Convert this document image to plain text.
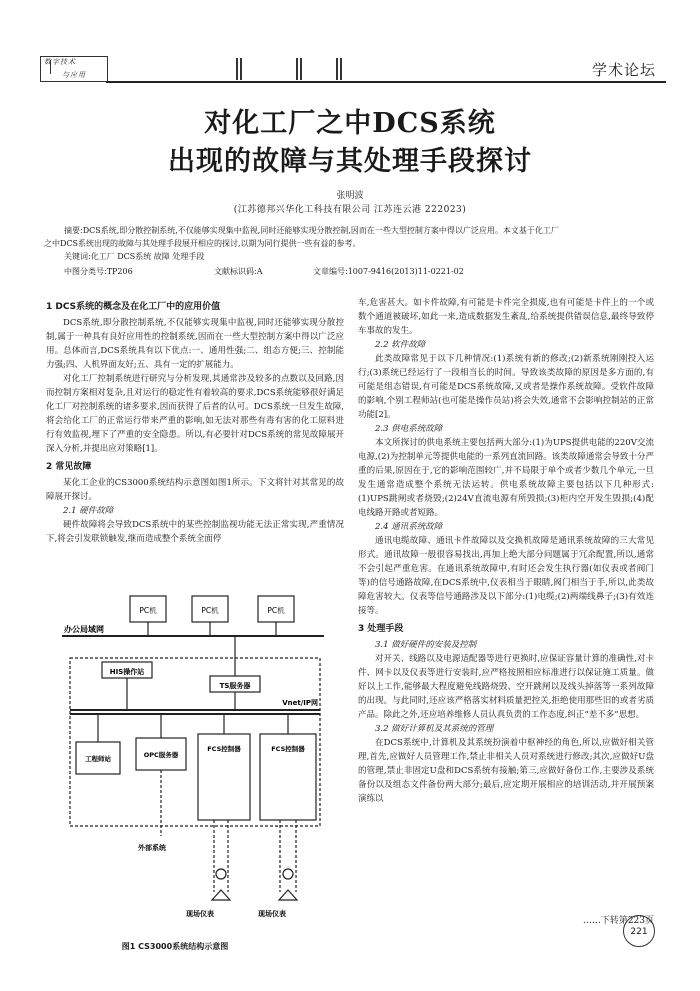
数字技术
与应用	学术论坛
对化工厂之中DCS系统
出现的故障与其处理手段探讨
张明波
(江苏德邦兴华化工科技有限公司 江苏连云港 222023)
摘要:DCS系统,即分散控制系统,不仅能够实现集中监视,同时还能够实现分散控制,因而在一些大型控制方案中得以广泛应用。本文基于化工厂
之中DCS系统出现的故障与其处理手段展开相应的探讨,以期为同行提供一些有益的参考。
关键词:化工厂 DCS系统 故障 处理手段
中图分类号:TP206	文献标识码:A	文章编号:1007-9416(2013)11-0221-02

1 DCS系统的概念及在化工厂中的应用价值

DCS系统,即分散控制系统,不仅能够实现集中监视,同时还能够实现分散控制,属于一种具有良好应用性的控制系统,因而在一些大型控制方案中得以广泛应用。总体而言,DCS系统具有以下优点:一、通用性强;二、组态方便;三、控制能力强;四、人机界面友好;五、具有一定的扩展能力。

对化工厂控制系统进行研究与分析发现,其通常涉及较多的点数以及回路,因而控制方案相对复杂,且对运行的稳定性有着较高的要求,DCS系统能够很好满足化工厂对控制系统的诸多要求,因而获得了后者的认可。DCS系统一旦发生故障,将会给化工厂的正常运行带来严重的影响,如无法对那些有毒有害的化工原料进行有效监视,埋下了严重的安全隐患。所以,有必要针对DCS系统的常见故障展开深入分析,并提出应对策略[1]。

2 常见故障

某化工企业的CS3000系统结构示意图如图1所示。下文将针对其常见的故障展开探讨。

2.1 硬件故障

硬件故障将会导致DCS系统中的某些控制监视功能无法正常实现,严重情况下,将会引发联锁触发,继而造成整个系统全面停

办公局域网
PC机	PC机	PC机
HIS操作站
TS服务器
Vnet/IP网
工程师站	OPC服务器
FCS控制器	FCS控制器
外部系统
现场仪表	现场仪表
图1 CS3000系统结构示意图

车,危害甚大。如卡件故障,有可能是卡件完全损废,也有可能是卡件上的一个或数个通道被破坏,如此一来,造成数据发生紊乱,给系统提供错误信息,最终导致停车事故的发生。

2.2 软件故障

此类故障常见于以下几种情况:(1)系统有新的修改;(2)新系统刚刚投入运行;(3)系统已经运行了一段相当长的时间。导致该类故障的原因是多方面的,有可能是组态错误,有可能是DCS系统故障,又或者是操作系统故障。受软件故障的影响,个别工程师站(也可能是操作员站)将会失效,通常不会影响控制站的正常功能[2]。

2.3 供电系统故障

本文所探讨的供电系统主要包括两大部分:(1)为UPS提供电能的220V交流电源,(2)为控制单元等提供电能的一系列直流回路。该类故障通常会导致十分严重的后果,原因在于,它的影响范围较广,并不局限于单个或者少数几个单元,一旦发生通常造成整个系统无法运转。供电系统故障主要包括以下几种形式:(1)UPS跳闸或者烧毁;(2)24V直流电源有所毁损;(3)柜内空开发生毁损;(4)配电线路开路或者短路。

2.4 通讯系统故障

通讯电缆故障、通讯卡件故障以及交换机故障是通讯系统故障的三大常见形式。通讯故障一般很容易找出,再加上绝大部分问题属于冗余配置,所以,通常不会引起严重危害。在通讯系统故障中,有时还会发生执行器(如仪表或者阀门等)的信号通路故障,在DCS系统中,仪表相当于眼睛,阀门相当于手,所以,此类故障危害较大。仪表等信号通路涉及以下部分:(1)电缆;(2)两端线鼻子;(3)有效连接等。

3 处理手段

3.1 做好硬件的安装及控制

对开关、线路以及电源适配器等进行更换时,应保证容量计算的准确性,对卡件、网卡以及仪表等进行安装时,应严格按照相应标准进行以保证施工质量。做好以上工作,能够最大程度避免线路烧毁、空开跳闸以及线头掉落等一系列故障的出现。与此同时,还应该严格落实材料质量把控关,拒绝使用那些旧的或者劣质产品。除此之外,还应培养维修人员认真负责的工作态度,纠正“差不多”思想。

3.2 做好计算机及其系统的管理

在DCS系统中,计算机及其系统扮演着中枢神经的角色,所以,应做好相关管理,首先,应做好人员管理工作,禁止非相关人员对系统进行修改;其次,应做好U盘的管理,禁止非固定U盘和DCS系统有接触;第三,应做好备份工作,主要涉及系统备份以及组态文件备份两大部分;最后,应定期开展相应的培训活动,并开展预案演练以

……下转第223页
221
